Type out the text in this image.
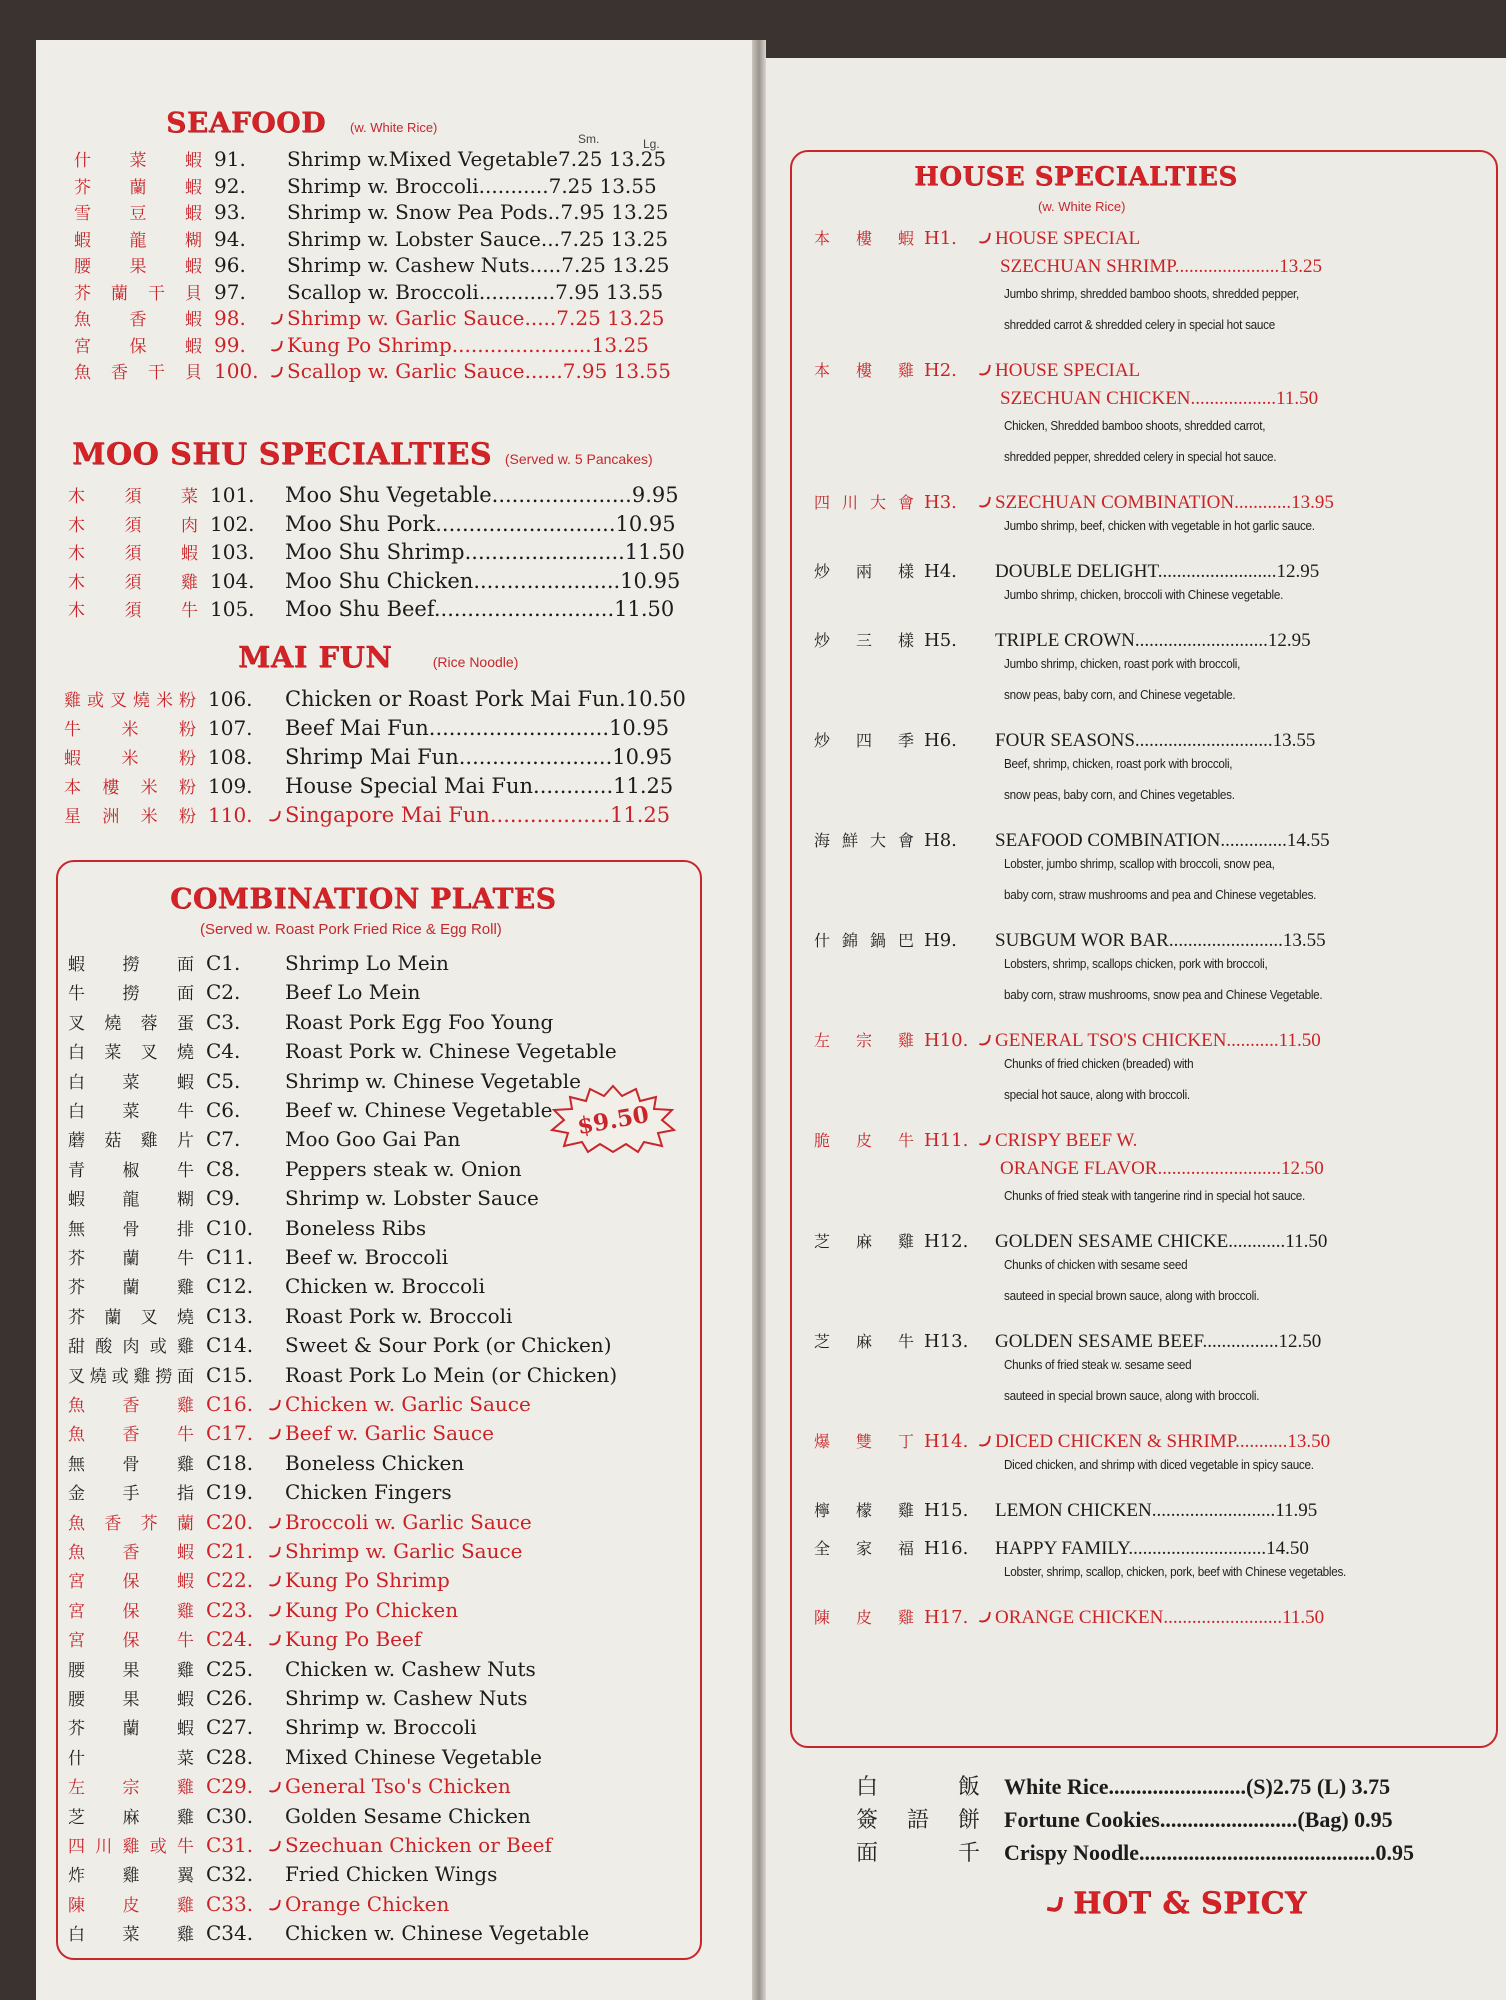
SEAFOOD (w. White Rice)
Sm.	Lg.
什 菜 蝦 91.	Shrimp w.Mixed Vegetable7.25 13.25
芥 蘭 蝦 92.	Shrimp w. Broccoli...........7.25 13.55
雪 豆 蝦 93.	Shrimp w. Snow Pea Pods..7.95 13.25
蝦 龍 糊 94.	Shrimp w. Lobster Sauce...7.25 13.25
腰 果 蝦 96.	Shrimp w. Cashew Nuts.....7.25 13.25
芥 蘭 干 貝 97.	Scallop w. Broccoli............7.95 13.55
魚 香 蝦 98.	Shrimp w. Garlic Sauce.....7.25 13.25
宮 保 蝦 99.	Kung Po Shrimp......................13.25
魚 香 干 貝 100.	Scallop w. Garlic Sauce......7.95 13.55
MOO SHU SPECIALTIES (Served w. 5 Pancakes)
木 須 菜 101.	Moo Shu Vegetable.....................9.95
木 須 肉 102.	Moo Shu Pork...........................10.95
木 須 蝦 103.	Moo Shu Shrimp........................11.50
木 須 雞 104.	Moo Shu Chicken......................10.95
木 須 牛 105.	Moo Shu Beef...........................11.50
MAI FUN	(Rice Noodle)
雞或叉燒米粉 106.	Chicken or Roast Pork Mai Fun.10.50
牛 米 粉 107.	Beef Mai Fun...........................10.95
蝦 米 粉 108.	Shrimp Mai Fun.......................10.95
本 樓 米 粉 109.	House Special Mai Fun............11.25
星 洲 米 粉 110.	Singapore Mai Fun..................11.25
COMBINATION PLATES
(Served w. Roast Pork Fried Rice & Egg Roll)
$9.50
蝦 撈 面 C1.	Shrimp Lo Mein
牛 撈 面 C2.	Beef Lo Mein
叉 燒 蓉 蛋 C3.	Roast Pork Egg Foo Young
白 菜 叉 燒 C4.	Roast Pork w. Chinese Vegetable
白 菜 蝦 C5.	Shrimp w. Chinese Vegetable
白 菜 牛 C6.	Beef w. Chinese Vegetable
蘑 菇 雞 片 C7.	Moo Goo Gai Pan
青 椒 牛 C8.	Peppers steak w. Onion
蝦 龍 糊 C9.	Shrimp w. Lobster Sauce
無 骨 排 C10.	Boneless Ribs
芥 蘭 牛 C11.	Beef w. Broccoli
芥 蘭 雞 C12.	Chicken w. Broccoli
芥 蘭 叉 燒 C13.	Roast Pork w. Broccoli
甜酸肉或雞 C14.	Sweet & Sour Pork (or Chicken)
叉燒或雞撈面 C15.	Roast Pork Lo Mein (or Chicken)
魚 香 雞 C16.	Chicken w. Garlic Sauce
魚 香 牛 C17.	Beef w. Garlic Sauce
無 骨 雞 C18.	Boneless Chicken
金 手 指 C19.	Chicken Fingers
魚 香 芥 蘭 C20.	Broccoli w. Garlic Sauce
魚 香 蝦 C21.	Shrimp w. Garlic Sauce
宮 保 蝦 C22.	Kung Po Shrimp
宮 保 雞 C23.	Kung Po Chicken
宮 保 牛 C24.	Kung Po Beef
腰 果 雞 C25.	Chicken w. Cashew Nuts
腰 果 蝦 C26.	Shrimp w. Cashew Nuts
芥 蘭 蝦 C27.	Shrimp w. Broccoli
什 菜 C28.	Mixed Chinese Vegetable
左 宗 雞 C29.	General Tso's Chicken
芝 麻 雞 C30.	Golden Sesame Chicken
四川雞或牛 C31.	Szechuan Chicken or Beef
炸 雞 翼 C32.	Fried Chicken Wings
陳 皮 雞 C33.	Orange Chicken
白 菜 雞 C34.	Chicken w. Chinese Vegetable
HOUSE SPECIALTIES
(w. White Rice)
本 樓 蝦 H1.	HOUSE SPECIAL
SZECHUAN SHRIMP......................13.25
Jumbo shrimp, shredded bamboo shoots, shredded pepper,
shredded carrot & shredded celery in special hot sauce
本 樓 雞 H2.	HOUSE SPECIAL
SZECHUAN CHICKEN..................11.50
Chicken, Shredded bamboo shoots, shredded carrot,
shredded pepper, shredded celery in special hot sauce.
四 川 大 會 H3.	SZECHUAN COMBINATION............13.95
Jumbo shrimp, beef, chicken with vegetable in hot garlic sauce.
炒 兩 樣 H4.	DOUBLE DELIGHT.........................12.95
Jumbo shrimp, chicken, broccoli with Chinese vegetable.
炒 三 樣 H5.	TRIPLE CROWN............................12.95
Jumbo shrimp, chicken, roast pork with broccoli,
snow peas, baby corn, and Chinese vegetable.
炒 四 季 H6.	FOUR SEASONS.............................13.55
Beef, shrimp, chicken, roast pork with broccoli,
snow peas, baby corn, and Chines vegetables.
海 鮮 大 會 H8.	SEAFOOD COMBINATION..............14.55
Lobster, jumbo shrimp, scallop with broccoli, snow pea,
baby corn, straw mushrooms and pea and Chinese vegetables.
什 錦 鍋 巴 H9.	SUBGUM WOR BAR........................13.55
Lobsters, shrimp, scallops chicken, pork with broccoli,
baby corn, straw mushrooms, snow pea and Chinese Vegetable.
左 宗 雞 H10.	GENERAL TSO'S CHICKEN...........11.50
Chunks of fried chicken (breaded) with
special hot sauce, along with broccoli.
脆 皮 牛 H11.	CRISPY BEEF W.
ORANGE FLAVOR..........................12.50
Chunks of fried steak with tangerine rind in special hot sauce.
芝 麻 雞 H12.	GOLDEN SESAME CHICKE............11.50
Chunks of chicken with sesame seed
sauteed in special brown sauce, along with broccoli.
芝 麻 牛 H13.	GOLDEN SESAME BEEF................12.50
Chunks of fried steak w. sesame seed
sauteed in special brown sauce, along with broccoli.
爆 雙 丁 H14.	DICED CHICKEN & SHRIMP...........13.50
Diced chicken, and shrimp with diced vegetable in spicy sauce.
檸 檬 雞 H15.	LEMON CHICKEN..........................11.95
全 家 福 H16.	HAPPY FAMILY.............................14.50
Lobster, shrimp, scallop, chicken, pork, beef with Chinese vegetables.
陳 皮 雞 H17.	ORANGE CHICKEN.........................11.50
白 飯 White Rice.........................(S)2.75 (L) 3.75
簽 語 餅 Fortune Cookies.........................(Bag) 0.95
面 千 Crispy Noodle...........................................0.95
HOT & SPICY
